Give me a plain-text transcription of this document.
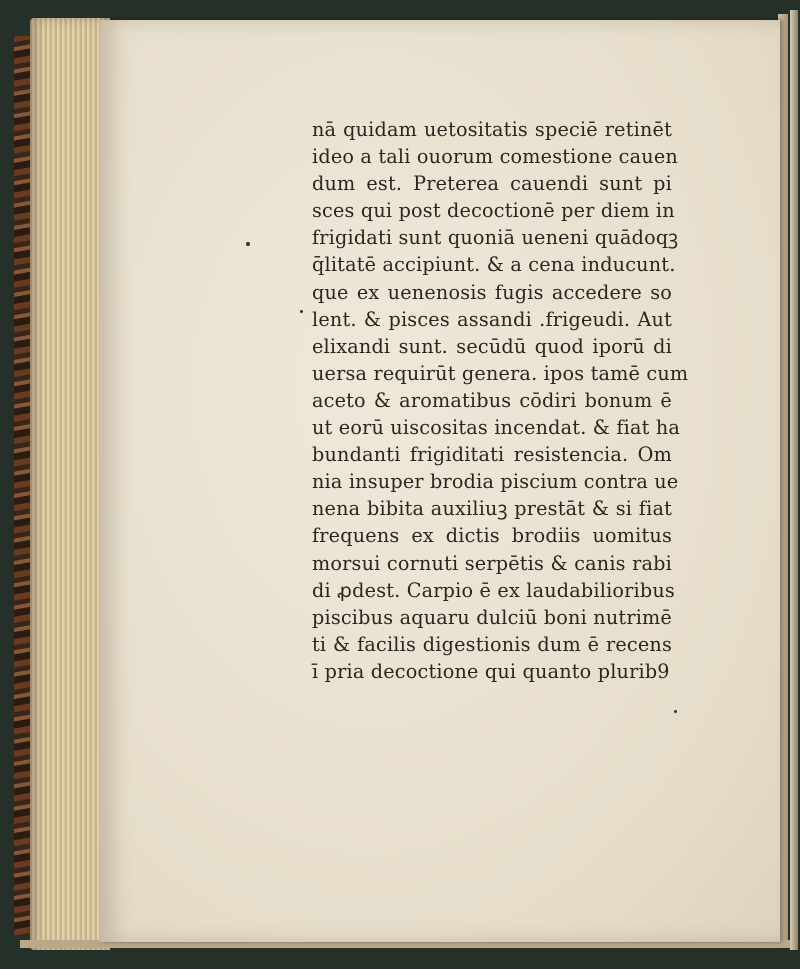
nā quidam uetositatis speciē retinēt
ideo a tali ouorum comestione cauen
dum est. Preterea cauendi sunt pi
sces qui post decoctionē per diem in
frigidati sunt quoniā ueneni quādoqꝫ
q̄litatē accipiunt. & a cena inducunt.
que ex uenenosis fugis accedere so
lent. & pisces assandi .frigeudi. Aut
elixandi sunt. secūdū quod iporū di
uersa requirūt genera. ipos tamē cum
aceto & aromatibus cōdiri bonum ē
ut eorū uiscositas incendat. & fiat ha
bundanti frigiditati resistencia. Om
nia insuper brodia piscium contra ue
nena bibita auxiliuꝫ prestāt & si fiat
frequens ex dictis brodiis uomitus
morsui cornuti serpētis & canis rabi
di ꝓdest. Carpio ē ex laudabilioribus
piscibus aquaru dulciū boni nutrimē
ti & facilis digestionis dum ē recens
ī pria decoctione qui quanto plurib9
